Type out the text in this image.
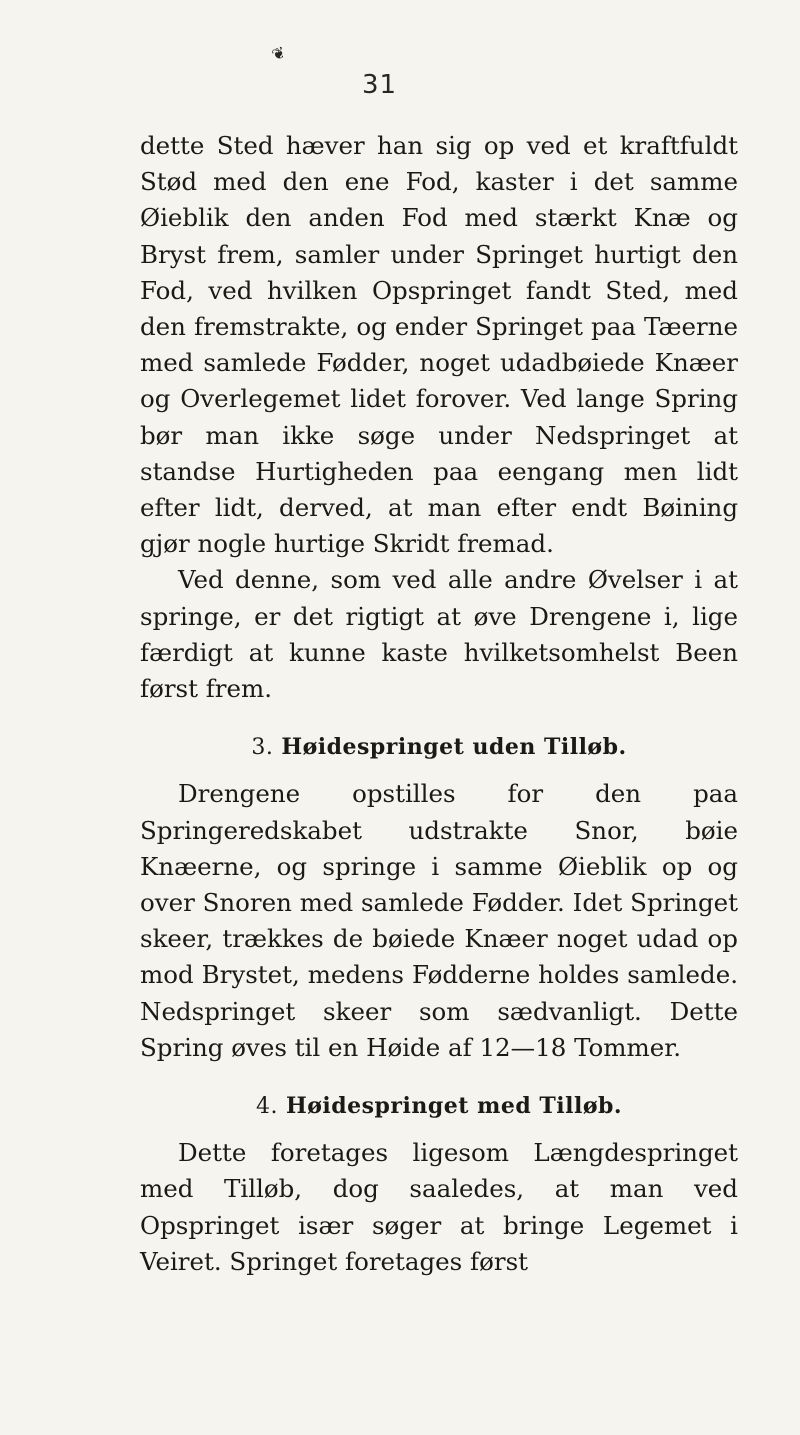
❦
31

dette Sted hæver han sig op ved et kraftfuldt Stød med den ene Fod, kaster i det samme Øieblik den anden Fod med stærkt Knæ og Bryst frem, samler under Springet hurtigt den Fod, ved hvilken Opspringet fandt Sted, med den fremstrakte, og ender Springet paa Tæerne med samlede Fødder, noget udadbøiede Knæer og Overlegemet lidet forover. Ved lange Spring bør man ikke søge under Nedspringet at standse Hurtigheden paa eengang men lidt efter lidt, derved, at man efter endt Bøining gjør nogle hurtige Skridt fremad.

Ved denne, som ved alle andre Øvelser i at springe, er det rigtigt at øve Drengene i, lige færdigt at kunne kaste hvilketsomhelst Been først frem.

3. Høidespringet uden Tilløb.

Drengene opstilles for den paa Springeredskabet udstrakte Snor, bøie Knæerne, og springe i samme Øieblik op og over Snoren med samlede Fødder. Idet Springet skeer, trækkes de bøiede Knæer noget udad op mod Brystet, medens Fødderne holdes samlede. Nedspringet skeer som sædvanligt. Dette Spring øves til en Høide af 12—18 Tommer.

4. Høidespringet med Tilløb.

Dette foretages ligesom Længdespringet med Tilløb, dog saaledes, at man ved Opspringet især søger at bringe Legemet i Veiret. Springet foretages først
